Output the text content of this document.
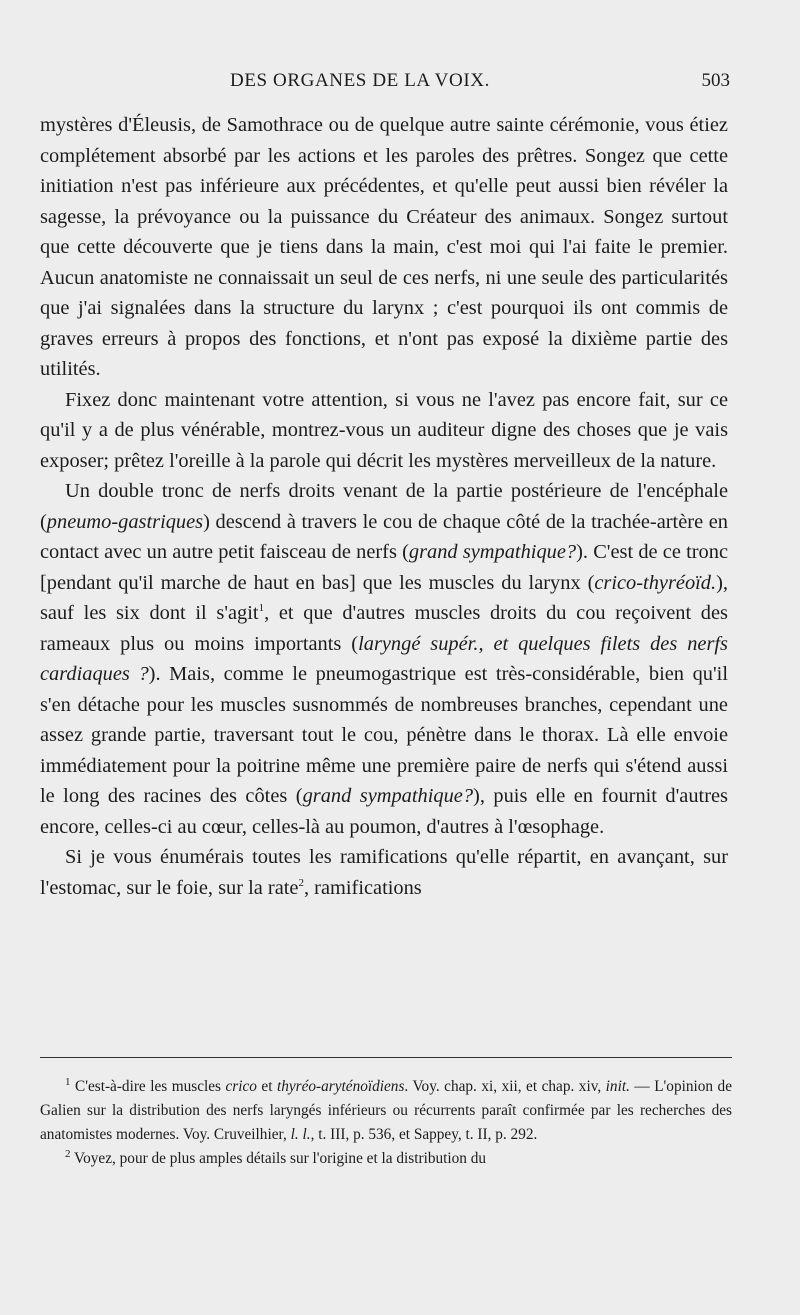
DES ORGANES DE LA VOIX.	503

mystères d'Éleusis, de Samothrace ou de quelque autre sainte cérémonie, vous étiez complétement absorbé par les actions et les paroles des prêtres. Songez que cette initiation n'est pas inférieure aux précédentes, et qu'elle peut aussi bien révéler la sagesse, la prévoyance ou la puissance du Créateur des animaux. Songez surtout que cette découverte que je tiens dans la main, c'est moi qui l'ai faite le premier. Aucun anatomiste ne connaissait un seul de ces nerfs, ni une seule des particularités que j'ai signalées dans la structure du larynx ; c'est pourquoi ils ont commis de graves erreurs à propos des fonctions, et n'ont pas exposé la dixième partie des utilités.

Fixez donc maintenant votre attention, si vous ne l'avez pas encore fait, sur ce qu'il y a de plus vénérable, montrez-vous un auditeur digne des choses que je vais exposer; prêtez l'oreille à la parole qui décrit les mystères merveilleux de la nature.

Un double tronc de nerfs droits venant de la partie postérieure de l'encéphale (pneumo-gastriques) descend à travers le cou de chaque côté de la trachée-artère en contact avec un autre petit faisceau de nerfs (grand sympathique?). C'est de ce tronc [pendant qu'il marche de haut en bas] que les muscles du larynx (crico-thyréoïd.), sauf les six dont il s'agit$^1$, et que d'autres muscles droits du cou reçoivent des rameaux plus ou moins importants (laryngé supér., et quelques filets des nerfs cardiaques ?). Mais, comme le pneumogastrique est très-considérable, bien qu'il s'en détache pour les muscles susnommés de nombreuses branches, cependant une assez grande partie, traversant tout le cou, pénètre dans le thorax. Là elle envoie immédiatement pour la poitrine même une première paire de nerfs qui s'étend aussi le long des racines des côtes (grand sympathique?), puis elle en fournit d'autres encore, celles-ci au cœur, celles-là au poumon, d'autres à l'œsophage.

Si je vous énumérais toutes les ramifications qu'elle répartit, en avançant, sur l'estomac, sur le foie, sur la rate$^2$, ramifications

$^1$ C'est-à-dire les muscles crico et thyréo-aryténoïdiens. Voy. chap. xi, xii, et chap. xiv, init. — L'opinion de Galien sur la distribution des nerfs laryngés inférieurs ou récurrents paraît confirmée par les recherches des anatomistes modernes. Voy. Cruveilhier, l. l., t. III, p. 536, et Sappey, t. II, p. 292.

$^2$ Voyez, pour de plus amples détails sur l'origine et la distribution du
